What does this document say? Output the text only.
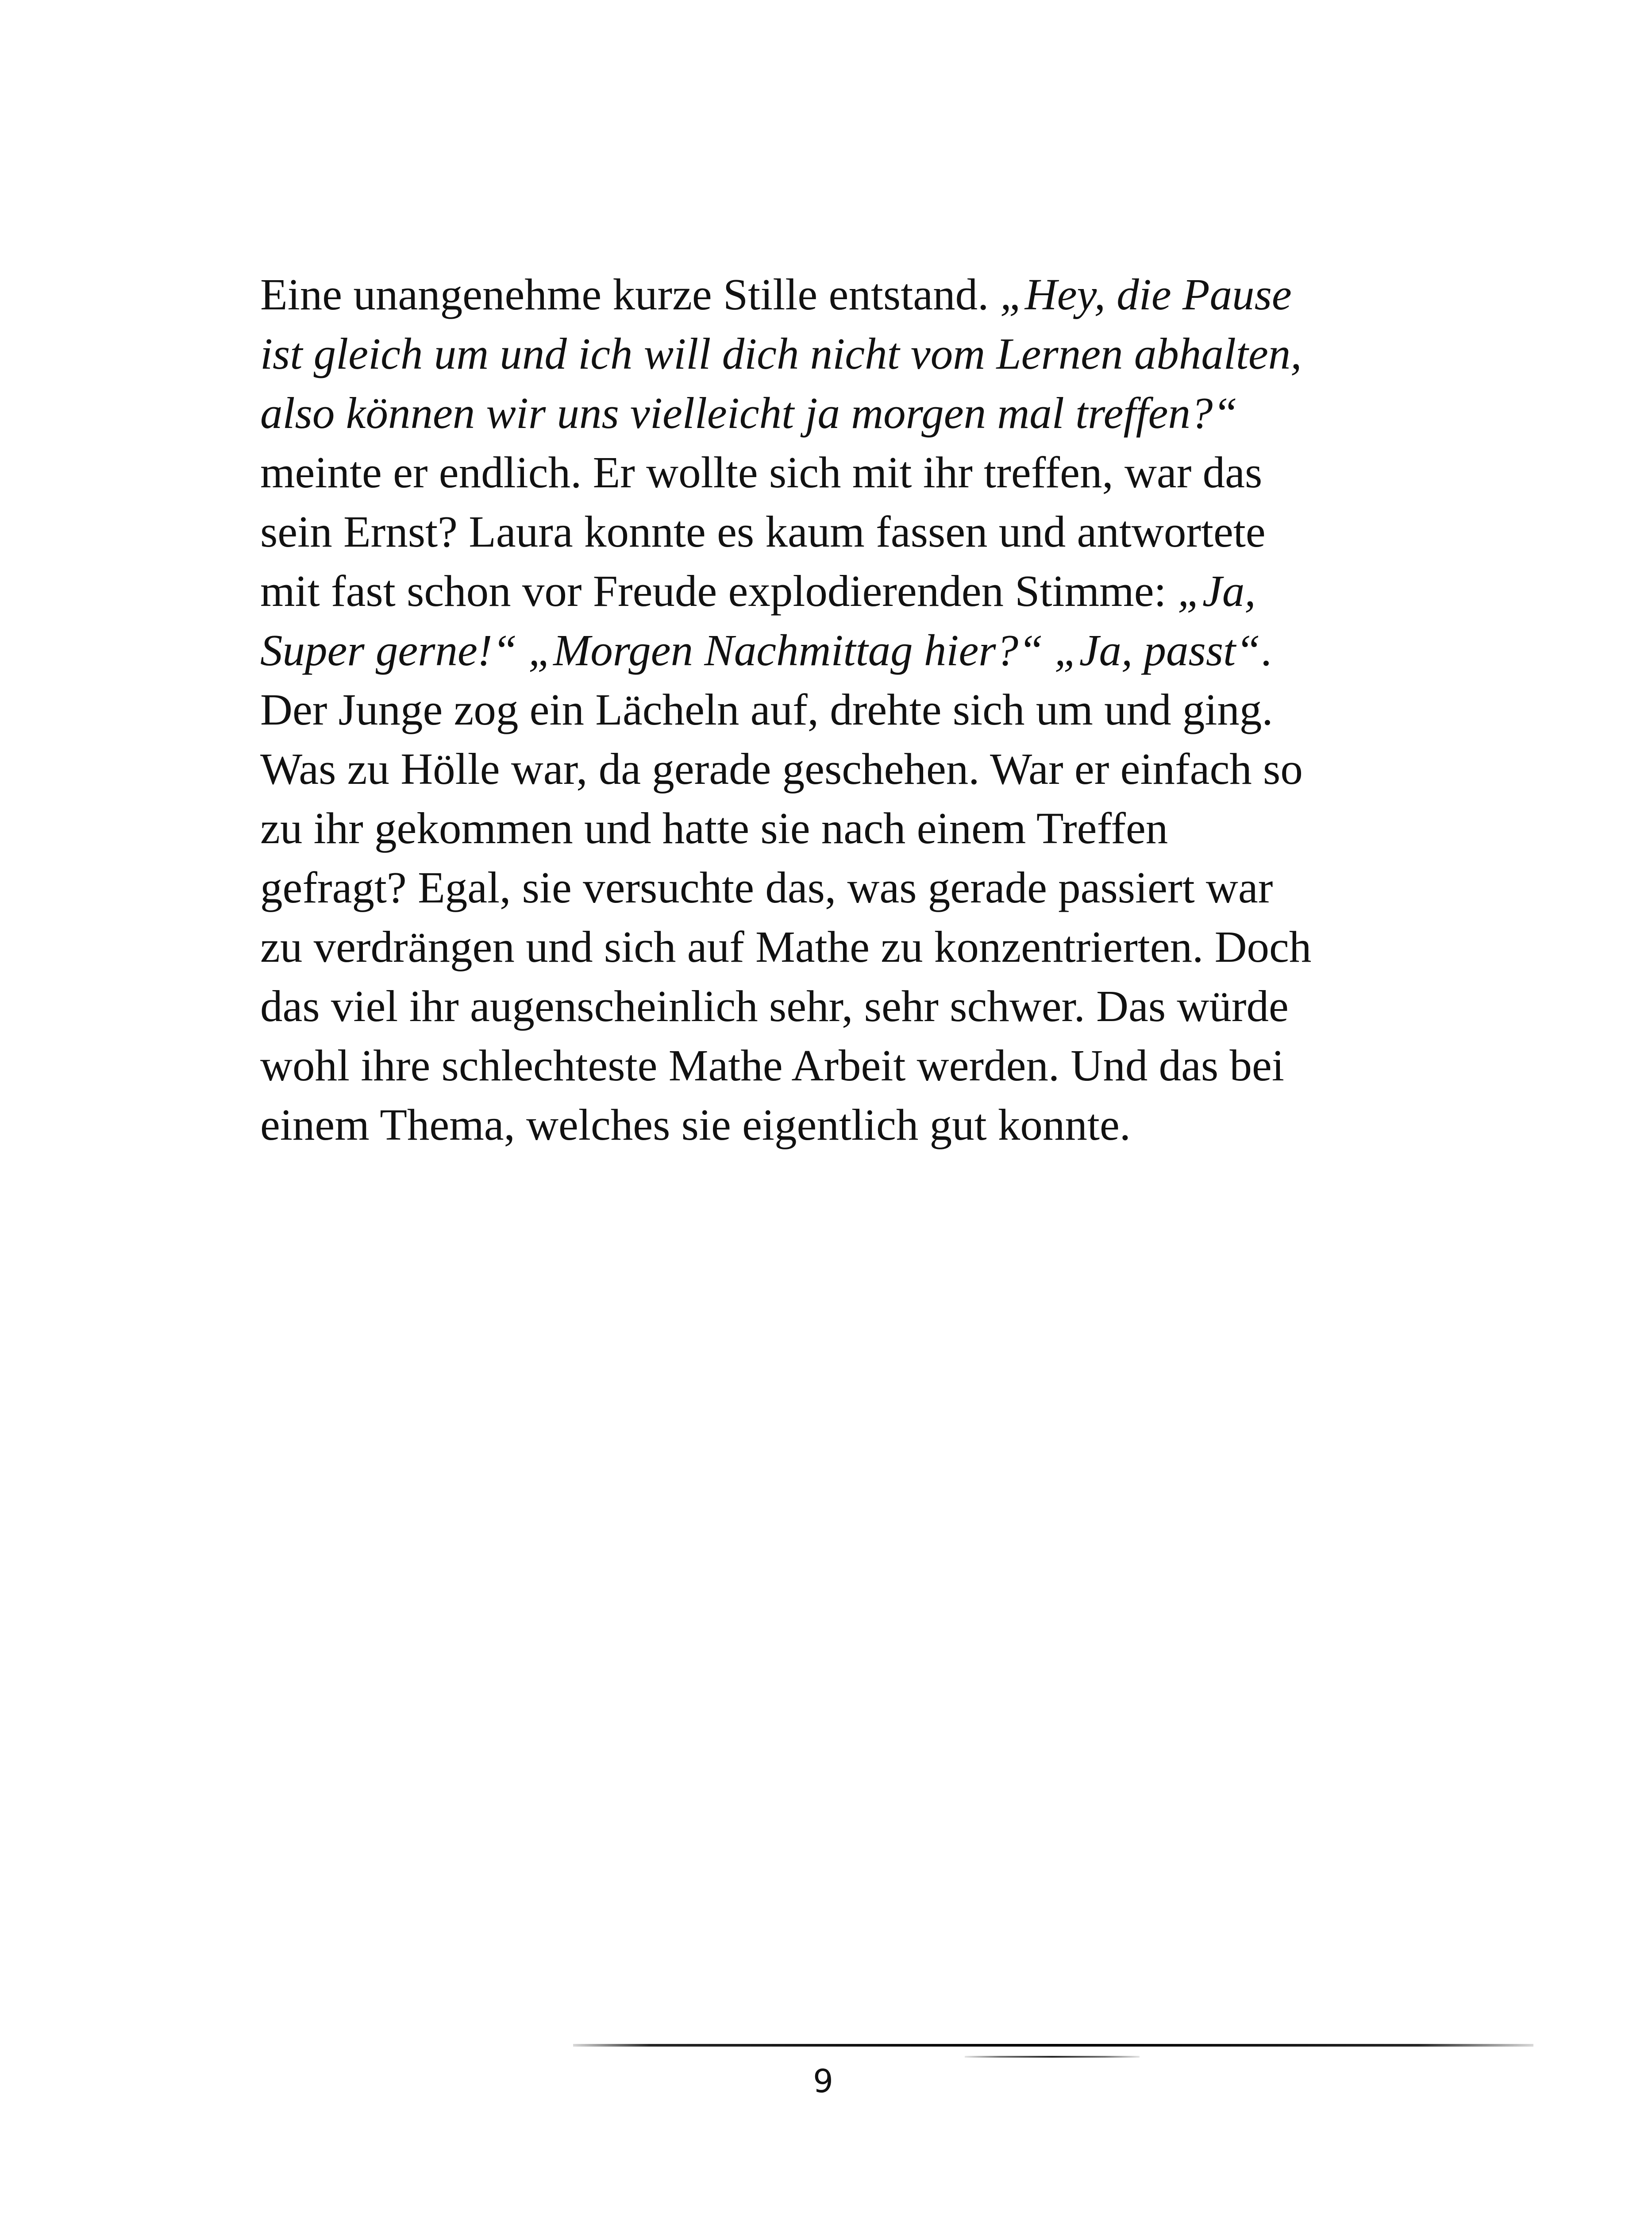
Eine unangenehme kurze Stille entstand. „Hey, die Pause
ist gleich um und ich will dich nicht vom Lernen abhalten,
also können wir uns vielleicht ja morgen mal treffen?“
meinte er endlich. Er wollte sich mit ihr treffen, war das
sein Ernst? Laura konnte es kaum fassen und antwortete
mit fast schon vor Freude explodierenden Stimme: „Ja,
Super gerne!“ „Morgen Nachmittag hier?“ „Ja, passt“.
Der Junge zog ein Lächeln auf, drehte sich um und ging.
Was zu Hölle war, da gerade geschehen. War er einfach so
zu ihr gekommen und hatte sie nach einem Treffen
gefragt? Egal, sie versuchte das, was gerade passiert war
zu verdrängen und sich auf Mathe zu konzentrierten. Doch
das viel ihr augenscheinlich sehr, sehr schwer. Das würde
wohl ihre schlechteste Mathe Arbeit werden. Und das bei
einem Thema, welches sie eigentlich gut konnte.
9
